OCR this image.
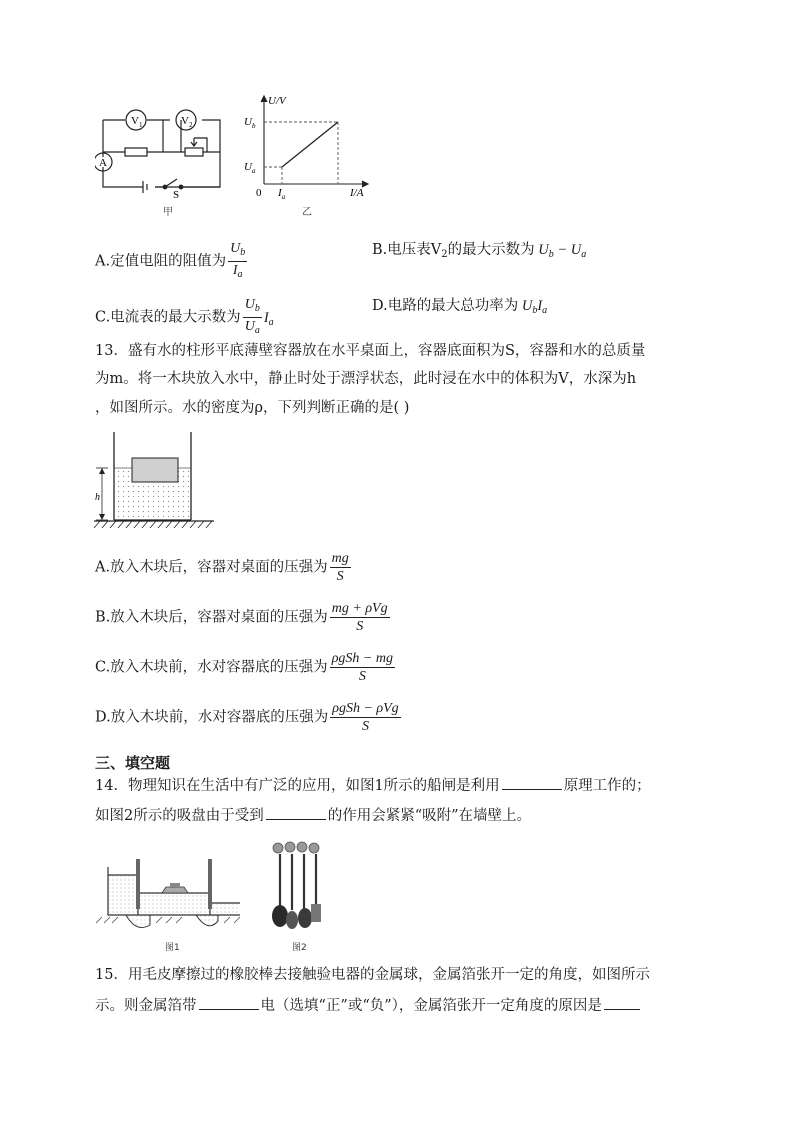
$V_1$	$V_2$
A
S
甲
U/V
I/A
$U_b$
$U_a$
$I_a$
0
乙
A.定值电阻的阻值为 $\frac{U_b}{I_a}$	B.电压表$V_2$的最大示数为 $U_b - U_a$
C.电流表的最大示数为 $\frac{U_b}{U_a} I_a$
D.电路的最大总功率为 $U_bI_a$
13．盛有水的柱形平底薄壁容器放在水平桌面上，容器底面积为S，容器和水的总质量
为m。将一木块放入水中，静止时处于漂浮状态，此时浸在水中的体积为V，水深为h
，如图所示。水的密度为ρ，下列判断正确的是( )
h
A.放入木块后，容器对桌面的压强为 $\frac{mg}{S}$
B.放入木块后，容器对桌面的压强为 $\frac{\text{mg + ρVg}}{S}$
C.放入木块前，水对容器底的压强为 $\frac{\text{ρgSh − mg}}{S}$
D.放入木块前，水对容器底的压强为 $\frac{\text{ρgSh − ρVg}}{S}$
三、填空题
14．物理知识在生活中有广泛的应用，如图1所示的船闸是利用	原理工作的；
如图2所示的吸盘由于受到	的作用会紧紧“吸附”在墙壁上。
图1	图2
15．用毛皮摩擦过的橡胶棒去接触验电器的金属球，金属箔张开一定的角度，如图所示
示。则金属箔带	电（选填“正”或“负”），金属箔张开一定角度的原因是
